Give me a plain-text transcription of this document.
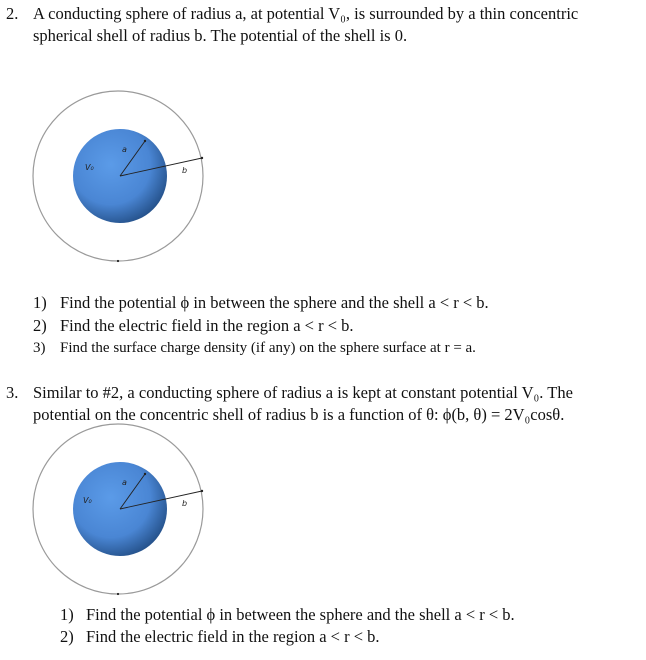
2. A conducting sphere of radius a, at potential V₀, is surrounded by a thin concentric
spherical shell of radius b. The potential of the shell is 0.
a
V₀	b
1) Find the potential ϕ in between the sphere and the shell a < r < b.
2) Find the electric field in the region a < r < b.
3) Find the surface charge density (if any) on the sphere surface at r = a.
3. Similar to #2, a conducting sphere of radius a is kept at constant potential V₀. The
potential on the concentric shell of radius b is a function of θ: ϕ(b, θ) = 2V₀cosθ.
a
V₀	b
1) Find the potential ϕ in between the sphere and the shell a < r < b.
2) Find the electric field in the region a < r < b.
